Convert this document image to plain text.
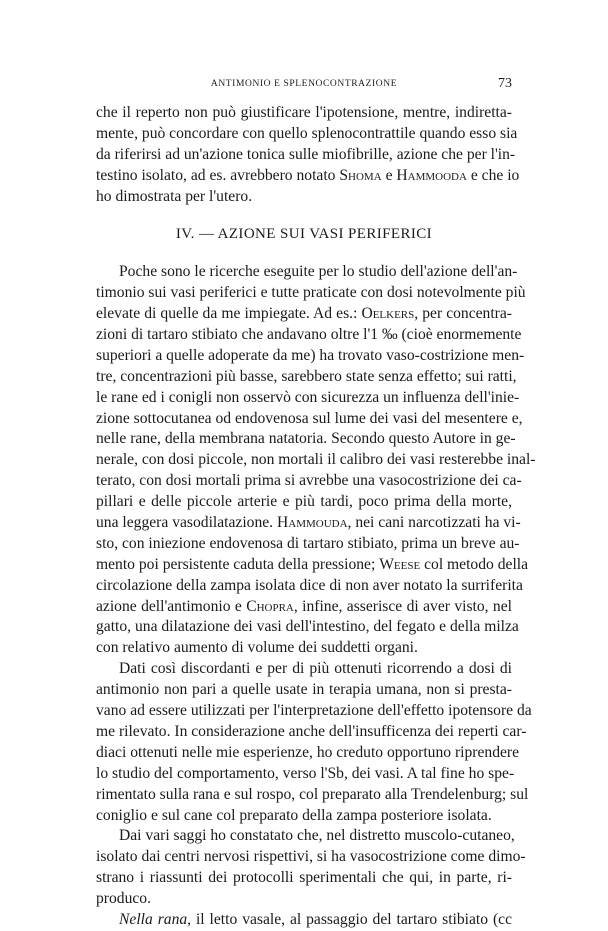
ANTIMONIO E SPLENOCONTRAZIONE	73
che il reperto non può giustificare l'ipotensione, mentre, indiretta-
mente, può concordare con quello splenocontrattile quando esso sia
da riferirsi ad un'azione tonica sulle miofibrille, azione che per l'in-
testino isolato, ad es. avrebbero notato Shoma e Hammooda e che io
ho dimostrata per l'utero.
IV. — AZIONE SUI VASI PERIFERICI
Poche sono le ricerche eseguite per lo studio dell'azione dell'an-
timonio sui vasi periferici e tutte praticate con dosi notevolmente più
elevate di quelle da me impiegate. Ad es.: Oelkers, per concentra-
zioni di tartaro stibiato che andavano oltre l'1 ‰ (cioè enormemente
superiori a quelle adoperate da me) ha trovato vaso-costrizione men-
tre, concentrazioni più basse, sarebbero state senza effetto; sui ratti,
le rane ed i conigli non osservò con sicurezza un influenza dell'inie-
zione sottocutanea od endovenosa sul lume dei vasi del mesentere e,
nelle rane, della membrana natatoria. Secondo questo Autore in ge-
nerale, con dosi piccole, non mortali il calibro dei vasi resterebbe inal-
terato, con dosi mortali prima si avrebbe una vasocostrizione dei ca-
pillari e delle piccole arterie e più tardi, poco prima della morte,
una leggera vasodilatazione. Hammouda, nei cani narcotizzati ha vi-
sto, con iniezione endovenosa di tartaro stibiato, prima un breve au-
mento poi persistente caduta della pressione; Weese col metodo della
circolazione della zampa isolata dice di non aver notato la surriferita
azione dell'antimonio e Chopra, infine, asserisce di aver visto, nel
gatto, una dilatazione dei vasi dell'intestino, del fegato e della milza
con relativo aumento di volume dei suddetti organi.
Dati così discordanti e per di più ottenuti ricorrendo a dosi di
antimonio non pari a quelle usate in terapia umana, non si presta-
vano ad essere utilizzati per l'interpretazione dell'effetto ipotensore da
me rilevato. In considerazione anche dell'insufficenza dei reperti car-
diaci ottenuti nelle mie esperienze, ho creduto opportuno riprendere
lo studio del comportamento, verso l'Sb, dei vasi. A tal fine ho spe-
rimentato sulla rana e sul rospo, col preparato alla Trendelenburg; sul
coniglio e sul cane col preparato della zampa posteriore isolata.
Dai vari saggi ho constatato che, nel distretto muscolo-cutaneo,
isolato dai centri nervosi rispettivi, si ha vasocostrizione come dimo-
strano i riassunti dei protocolli sperimentali che qui, in parte, ri-
produco.
Nella rana, il letto vasale, al passaggio del tartaro stibiato (cc
